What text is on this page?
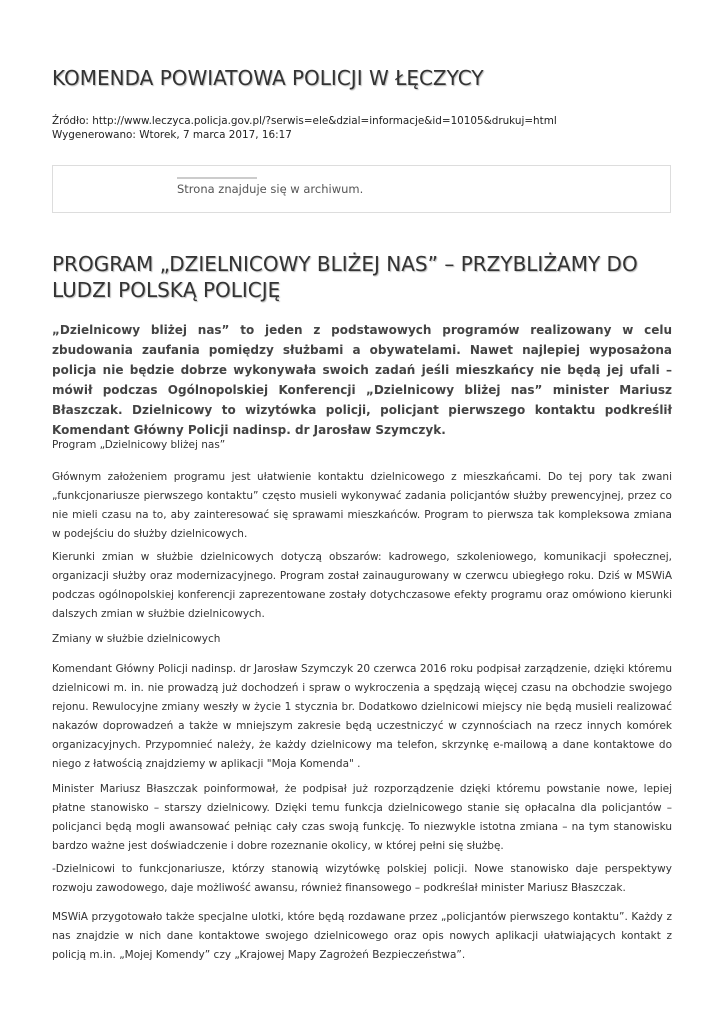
KOMENDA POWIATOWA POLICJI W ŁĘCZYCY
Źródło: http://www.leczyca.policja.gov.pl/?serwis=ele&dzial=informacje&id=10105&drukuj=html
Wygenerowano: Wtorek, 7 marca 2017, 16:17
Strona znajduje się w archiwum.
PROGRAM „DZIELNICOWY BLIŻEJ NAS” – PRZYBLIŻAMY DO LUDZI POLSKĄ POLICJĘ

„Dzielnicowy bliżej nas” to jeden z podstawowych programów realizowany w celu zbudowania zaufania pomiędzy służbami a obywatelami. Nawet najlepiej wyposażona policja nie będzie dobrze wykonywała swoich zadań jeśli mieszkańcy nie będą jej ufali – mówił podczas Ogólnopolskiej Konferencji „Dzielnicowy bliżej nas” minister Mariusz Błaszczak. Dzielnicowy to wizytówka policji, policjant pierwszego kontaktu podkreślił Komendant Główny Policji nadinsp. dr Jarosław Szymczyk.

Program „Dzielnicowy bliżej nas”

Głównym założeniem programu jest ułatwienie kontaktu dzielnicowego z mieszkańcami. Do tej pory tak zwani „funkcjonariusze pierwszego kontaktu” często musieli wykonywać zadania policjantów służby prewencyjnej, przez co nie mieli czasu na to, aby zainteresować się sprawami mieszkańców. Program to pierwsza tak kompleksowa zmiana w podejściu do służby dzielnicowych.

Kierunki zmian w służbie dzielnicowych dotyczą obszarów: kadrowego, szkoleniowego, komunikacji społecznej, organizacji służby oraz modernizacyjnego. Program został zainaugurowany w czerwcu ubiegłego roku. Dziś w MSWiA podczas ogólnopolskiej konferencji zaprezentowane zostały dotychczasowe efekty programu oraz omówiono kierunki dalszych zmian w służbie dzielnicowych.

Zmiany w służbie dzielnicowych

Komendant Główny Policji nadinsp. dr Jarosław Szymczyk 20 czerwca 2016 roku podpisał zarządzenie, dzięki któremu dzielnicowi m. in. nie prowadzą już dochodzeń i spraw o wykroczenia a spędzają więcej czasu na obchodzie swojego rejonu. Rewulocyjne zmiany weszły w życie 1 stycznia br. Dodatkowo dzielnicowi miejscy nie będą musieli realizować nakazów doprowadzeń a także w mniejszym zakresie będą uczestniczyć w czynnościach na rzecz innych komórek organizacyjnych. Przypomnieć należy, że każdy dzielnicowy ma telefon, skrzynkę e-mailową a dane kontaktowe do niego z łatwością znajdziemy w aplikacji "Moja Komenda" .

Minister Mariusz Błaszczak poinformował, że podpisał już rozporządzenie dzięki któremu powstanie nowe, lepiej płatne stanowisko – starszy dzielnicowy. Dzięki temu funkcja dzielnicowego stanie się opłacalna dla policjantów – policjanci będą mogli awansować pełniąc cały czas swoją funkcję. To niezwykle istotna zmiana – na tym stanowisku bardzo ważne jest doświadczenie i dobre rozeznanie okolicy, w której pełni się służbę.

-Dzielnicowi to funkcjonariusze, którzy stanowią wizytówkę polskiej policji. Nowe stanowisko daje perspektywy rozwoju zawodowego, daje możliwość awansu, również finansowego – podkreślał minister Mariusz Błaszczak.

MSWiA przygotowało także specjalne ulotki, które będą rozdawane przez „policjantów pierwszego kontaktu”. Każdy z nas znajdzie w nich dane kontaktowe swojego dzielnicowego oraz opis nowych aplikacji ułatwiających kontakt z policją m.in. „Mojej Komendy” czy „Krajowej Mapy Zagrożeń Bezpieczeństwa”.
